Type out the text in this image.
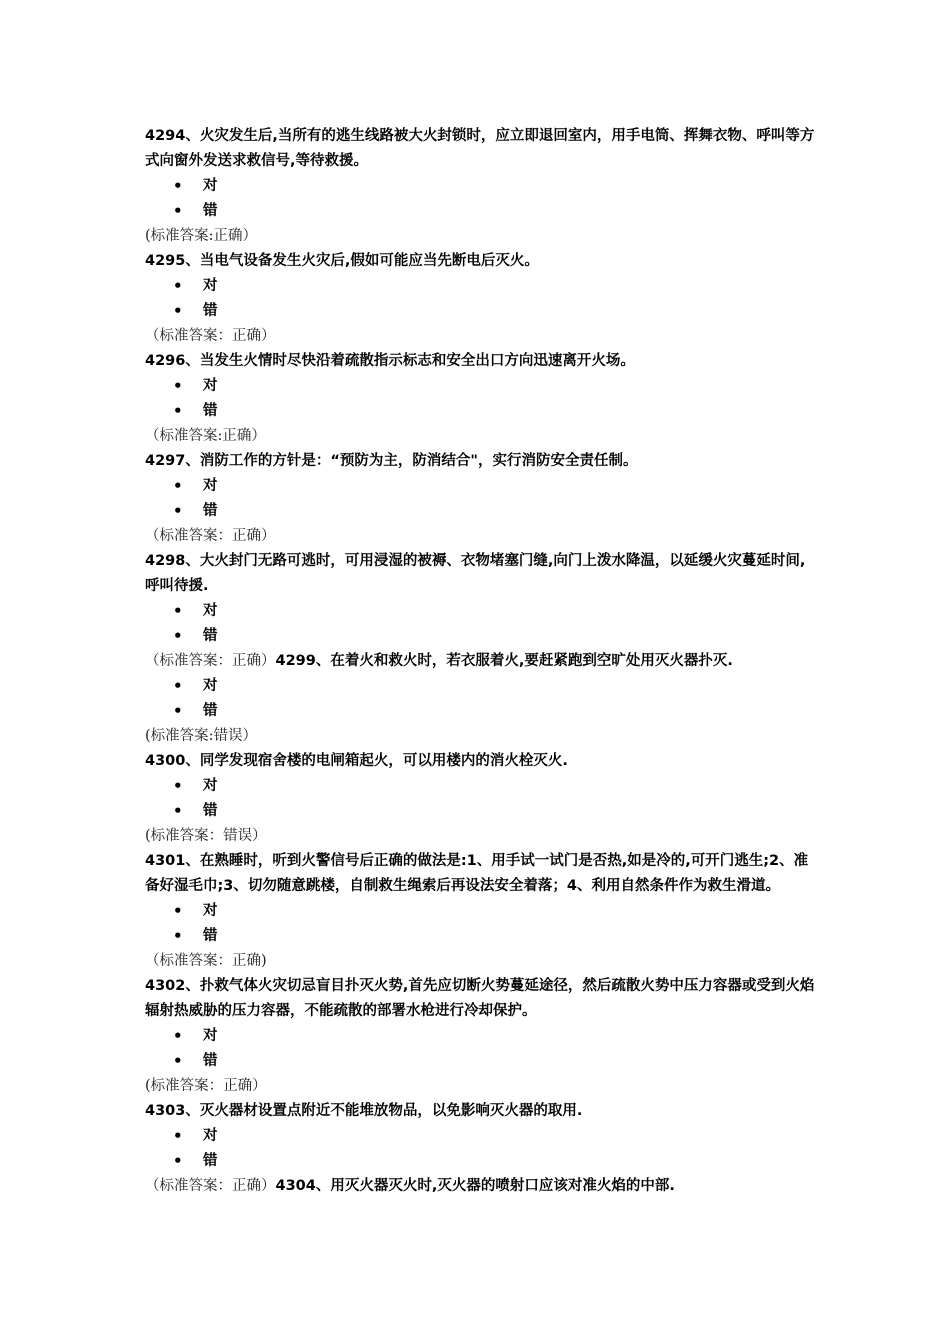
4294、火灾发生后,当所有的逃生线路被大火封锁时，应立即退回室内，用手电筒、挥舞衣物、呼叫等方式向窗外发送求救信号,等待救援。
• 对
• 错
(标准答案:正确）
4295、当电气设备发生火灾后,假如可能应当先断电后灭火。
• 对
• 错
（标准答案：正确）
4296、当发生火情时尽快沿着疏散指示标志和安全出口方向迅速离开火场。
• 对
• 错
（标准答案:正确）
4297、消防工作的方针是：“预防为主，防消结合"，实行消防安全责任制。
• 对
• 错
（标准答案：正确）
4298、大火封门无路可逃时，可用浸湿的被褥、衣物堵塞门缝,向门上泼水降温，以延缓火灾蔓延时间,呼叫待援.
• 对
• 错
（标准答案：正确）4299、在着火和救火时，若衣服着火,要赶紧跑到空旷处用灭火器扑灭.
• 对
• 错
(标准答案:错误）
4300、同学发现宿舍楼的电闸箱起火，可以用楼内的消火栓灭火.
• 对
• 错
(标准答案：错误）
4301、在熟睡时，听到火警信号后正确的做法是:1、用手试一试门是否热,如是冷的,可开门逃生;2、准备好湿毛巾;3、切勿随意跳楼，自制救生绳索后再设法安全着落；4、利用自然条件作为救生滑道。
• 对
• 错
（标准答案：正确)
4302、扑救气体火灾切忌盲目扑灭火势,首先应切断火势蔓延途径，然后疏散火势中压力容器或受到火焰辐射热威胁的压力容器，不能疏散的部署水枪进行冷却保护。
• 对
• 错
(标准答案：正确）
4303、灭火器材设置点附近不能堆放物品，以免影响灭火器的取用.
• 对
• 错
（标准答案：正确）4304、用灭火器灭火时,灭火器的喷射口应该对准火焰的中部.
